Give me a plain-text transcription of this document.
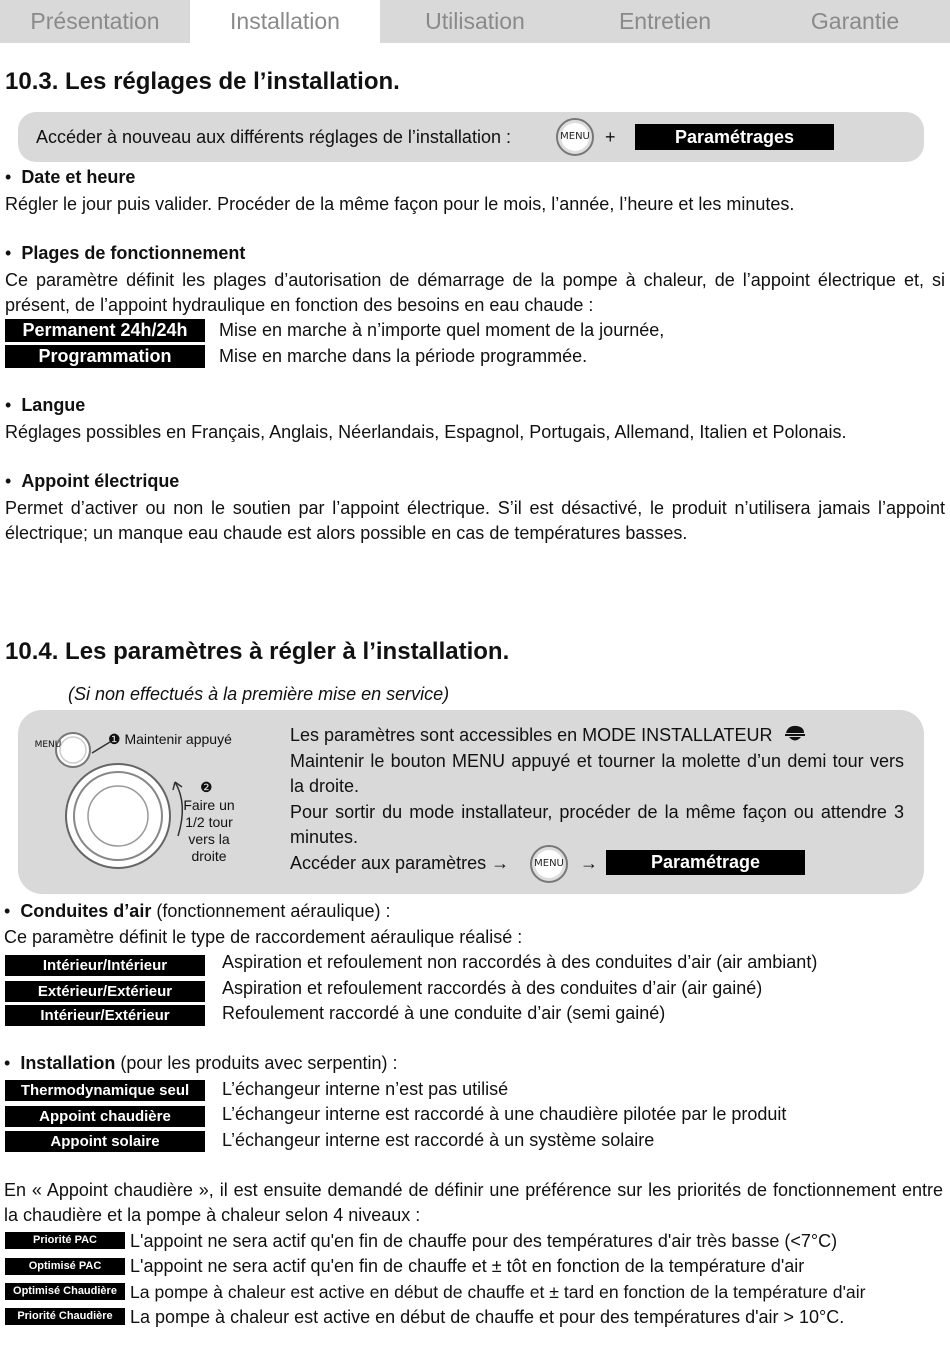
Présentation	Installation	Utilisation	Entretien	Garantie
10.3. Les réglages de l’installation.
Accéder à nouveau aux différents réglages de l’installation :	MENU +	Paramétrages
•  Date et heure
Régler le jour puis valider. Procéder de la même façon pour le mois, l’année, l’heure et les minutes.
•  Plages de fonctionnement
Ce paramètre définit les plages d’autorisation de démarrage de la pompe à chaleur, de l’appoint électrique et, si présent, de l’appoint hydraulique en fonction des besoins en eau chaude :
Permanent 24h/24h	Mise en marche à n’importe quel moment de la journée,
Programmation	Mise en marche dans la période programmée.
•  Langue
Réglages possibles en Français, Anglais, Néerlandais, Espagnol, Portugais, Allemand, Italien et Polonais.
•  Appoint électrique
Permet d’activer ou non le soutien par l’appoint électrique. S’il est désactivé, le produit n’utilisera jamais l’appoint électrique; un manque eau chaude est alors possible en cas de températures basses.
10.4. Les paramètres à régler à l’installation.
(Si non effectués à la première mise en service)
MENU	❶ Maintenir appuyé
❷
Faire un 1/2 tour vers la droite
Les paramètres sont accessibles en MODE INSTALLATEUR
Maintenir le bouton MENU appuyé et tourner la molette d’un demi tour vers la droite.
Pour sortir du mode installateur, procéder de la même façon ou attendre 3 minutes.
Accéder aux paramètres →	MENU →	Paramétrage
•  Conduites d’air (fonctionnement aéraulique) :
Ce paramètre définit le type de raccordement aéraulique réalisé :
Intérieur/Intérieur	Aspiration et refoulement non raccordés à des conduites d’air (air ambiant)
Extérieur/Extérieur	Aspiration et refoulement raccordés à des conduites d’air (air gainé)
Intérieur/Extérieur	Refoulement raccordé à une conduite d’air (semi gainé)
•  Installation (pour les produits avec serpentin) :
Thermodynamique seul	L’échangeur interne n’est pas utilisé
Appoint chaudière	L’échangeur interne est raccordé à une chaudière pilotée par le produit
Appoint solaire	L’échangeur interne est raccordé à un système solaire
En « Appoint chaudière », il est ensuite demandé de définir une préférence sur les priorités de fonctionnement entre la chaudière et la pompe à chaleur selon 4 niveaux :
Priorité PAC	L'appoint ne sera actif qu'en fin de chauffe pour des températures d'air très basse (<7°C)
Optimisé PAC	L'appoint ne sera actif qu'en fin de chauffe et ± tôt en fonction de la température d'air
Optimisé Chaudière La pompe à chaleur est active en début de chauffe et ± tard en fonction de la température d'air
Priorité Chaudière La pompe à chaleur est active en début de chauffe et pour des températures d'air > 10°C.
